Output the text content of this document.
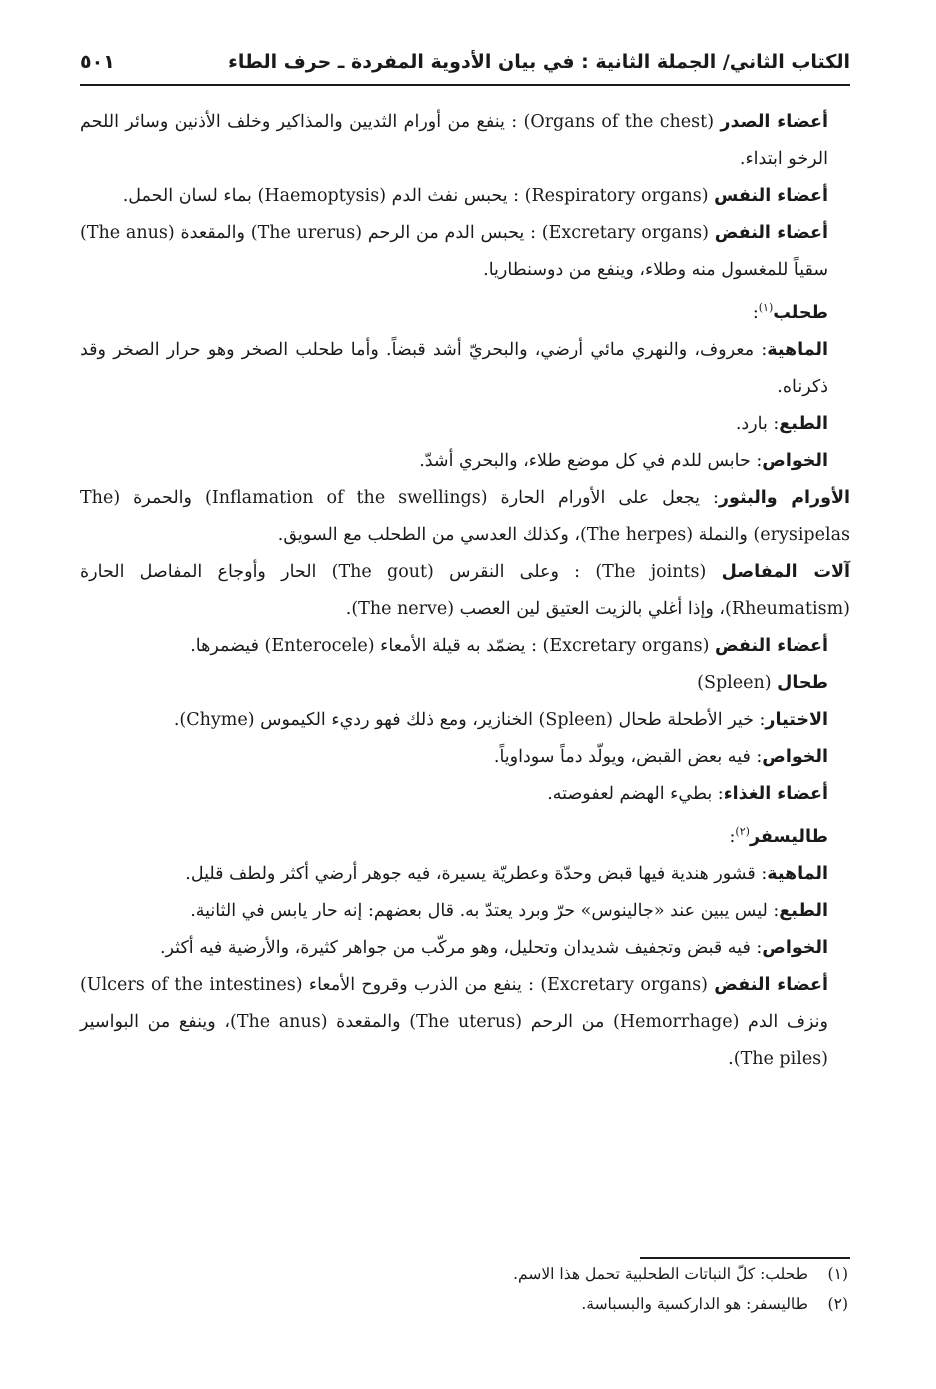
الكتاب الثاني/ الجملة الثانية : في بيان الأدوية المفردة ـ حرف الطاء
٥٠١

أعضاء الصدر (Organs of the chest) : ينفع من أورام الثديين والمذاكير وخلف الأذنين وسائر اللحم الرخو ابتداء.

أعضاء النفس (Respiratory organs) : يحبس نفث الدم (Haemoptysis) بماء لسان الحمل.

أعضاء النفض (Excretary organs) : يحبس الدم من الرحم (The urerus) والمقعدة (The anus) سقياً للمغسول منه وطلاء، وينفع من دوسنطاريا.

طحلب$^{(١)}$:

الماهية: معروف، والنهري مائي أرضي، والبحريّ أشد قبضاً. وأما طحلب الصخر وهو حرار الصخر وقد ذكرناه.

الطبع: بارد.

الخواص: حابس للدم في كل موضع طلاء، والبحري أشدّ.

الأورام والبثور: يجعل على الأورام الحارة (Inflamation of the swellings) والحمرة (The erysipelas) والنملة (The herpes)، وكذلك العدسي من الطحلب مع السويق.

آلات المفاصل (The joints) : وعلى النقرس (The gout) الحار وأوجاع المفاصل الحارة (Rheumatism)، وإذا أغلي بالزيت العتيق لين العصب (The nerve).

أعضاء النفض (Excretary organs) : يضمّد به قيلة الأمعاء (Enterocele) فيضمرها.

طحال (Spleen)

الاختيار: خير الأطحلة طحال (Spleen) الخنازير، ومع ذلك فهو رديء الكيموس (Chyme).

الخواص: فيه بعض القبض، ويولّد دماً سوداوياً.

أعضاء الغذاء: بطيء الهضم لعفوصته.

طاليسفر$^{(٢)}$:

الماهية: قشور هندية فيها قبض وحدّة وعطريّة يسيرة، فيه جوهر أرضي أكثر ولطف قليل.

الطبع: ليس يبين عند «جالينوس» حرّ وبرد يعتدّ به. قال بعضهم: إنه حار يابس في الثانية.

الخواص: فيه قبض وتجفيف شديدان وتحليل، وهو مركّب من جواهر كثيرة، والأرضية فيه أكثر.

أعضاء النفض (Excretary organs) : ينفع من الذرب وقروح الأمعاء (Ulcers of the intestines) ونزف الدم (Hemorrhage) من الرحم (The uterus) والمقعدة (The anus)، وينفع من البواسير (The piles).

(١)طحلب: كلّ النباتات الطحلبية تحمل هذا الاسم.
(٢)طاليسفر: هو الداركسية والبسباسة.
